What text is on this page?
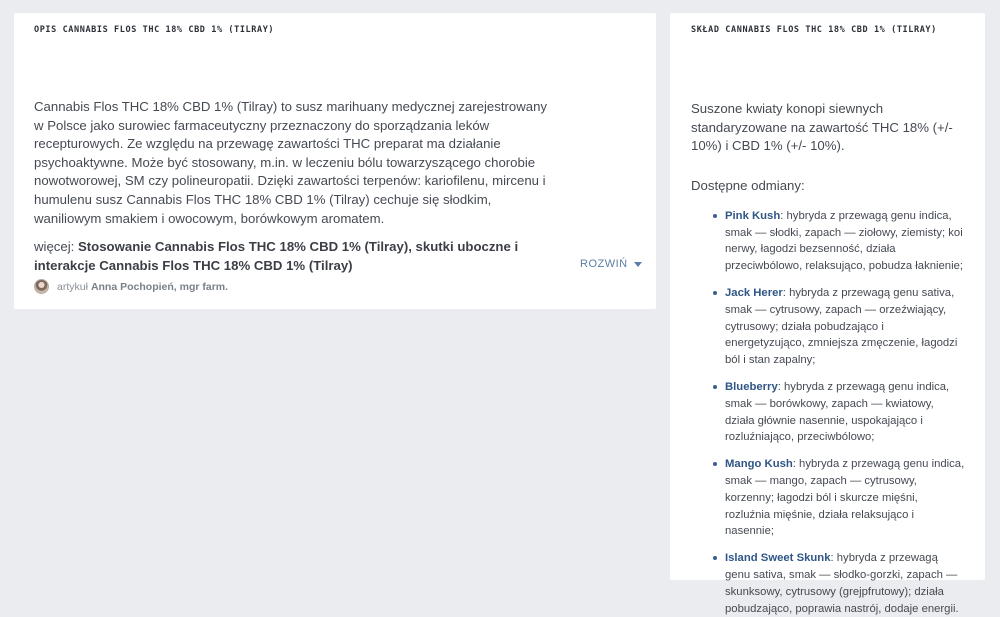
OPIS CANNABIS FLOS THC 18% CBD 1% (TILRAY)

Cannabis Flos THC 18% CBD 1% (Tilray) to susz marihuany medycznej zarejestrowany w Polsce jako surowiec farmaceutyczny przeznaczony do sporządzania leków recepturowych. Ze względu na przewagę zawartości THC preparat ma działanie psychoaktywne. Może być stosowany, m.in. w leczeniu bólu towarzyszącego chorobie nowotworowej, SM czy polineuropatii. Dzięki zawartości terpenów: kariofilenu, mircenu i humulenu susz Cannabis Flos THC 18% CBD 1% (Tilray) cechuje się słodkim, waniliowym smakiem i owocowym, borówkowym aromatem.

więcej: Stosowanie Cannabis Flos THC 18% CBD 1% (Tilray), skutki uboczne i interakcje Cannabis Flos THC 18% CBD 1% (Tilray)	ROZWIŃ
artykuł Anna Pochopień, mgr farm.
SKŁAD CANNABIS FLOS THC 18% CBD 1% (TILRAY)

Suszone kwiaty konopi siewnych standaryzowane na zawartość THC 18% (+/- 10%) i CBD 1% (+/- 10%).

Dostępne odmiany:

Pink Kush: hybryda z przewagą genu indica, smak — słodki, zapach — ziołowy, ziemisty; koi nerwy, łagodzi bezsenność, działa przeciwbólowo, relaksująco, pobudza łaknienie;
Jack Herer: hybryda z przewagą genu sativa, smak — cytrusowy, zapach — orzeźwiający, cytrusowy; działa pobudzająco i energetyzująco, zmniejsza zmęczenie, łagodzi ból i stan zapalny;
Blueberry: hybryda z przewagą genu indica, smak — borówkowy, zapach — kwiatowy, działa głównie nasennie, uspokajająco i rozluźniająco, przeciwbólowo;
Mango Kush: hybryda z przewagą genu indica, smak — mango, zapach — cytrusowy, korzenny; łagodzi ból i skurcze mięśni, rozluźnia mięśnie, działa relaksująco i nasennie;
Island Sweet Skunk: hybryda z przewagą genu sativa, smak — słodko-gorzki, zapach — skunksowy, cytrusowy (grejpfrutowy); działa pobudzająco, poprawia nastrój, dodaje energii.
